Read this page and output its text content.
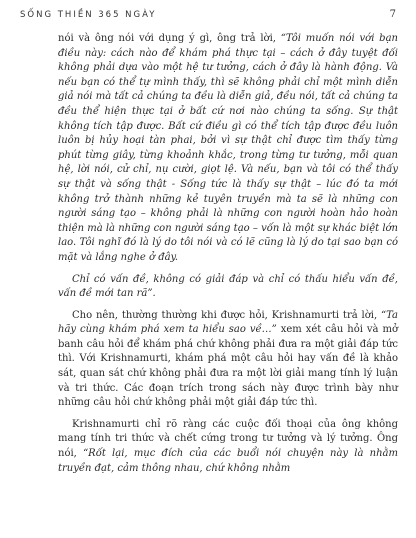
SỐNG THIỀN 365 NGÀY	7

nói và ông nói với dụng ý gì, ông trả lời, “Tôi muốn nói với bạn điều này: cách nào để khám phá thực tại – cách ở đây tuyệt đối không phải dựa vào một hệ tư tưởng, cách ở đây là hành động. Và nếu bạn có thể tự mình thấy, thì sẽ không phải chỉ một mình diễn giả nói mà tất cả chúng ta đều là diễn giả, đều nói, tất cả chúng ta đều thể hiện thực tại ở bất cứ nơi nào chúng ta sống. Sự thật không tích tập được. Bất cứ điều gì có thể tích tập được đều luôn luôn bị hủy hoại tàn phai, bởi vì sự thật chỉ được tìm thấy từng phút từng giây, từng khoảnh khắc, trong từng tư tưởng, mỗi quan hệ, lời nói, cử chỉ, nụ cười, giọt lệ. Và nếu, bạn và tôi có thể thấy sự thật và sống thật - Sống tức là thấy sự thật – lúc đó ta mới không trở thành những kẻ tuyên truyền mà ta sẽ là những con người sáng tạo – không phải là những con người hoàn hảo hoàn thiện mà là những con người sáng tạo – vốn là một sự khác biệt lớn lao. Tôi nghĩ đó là lý do tôi nói và có lẽ cũng là lý do tại sao bạn có mặt và lắng nghe ở đây.

Chỉ có vấn đề, không có giải đáp và chỉ có thấu hiểu vấn đề, vấn đề mới tan rã”.

Cho nên, thường thường khi được hỏi, Krishnamurti trả lời, “Ta hãy cùng khám phá xem ta hiểu sao về…” xem xét câu hỏi và mở banh câu hỏi để khám phá chứ không phải đưa ra một giải đáp tức thì. Với Krishnamurti, khám phá một câu hỏi hay vấn đề là khảo sát, quan sát chứ không phải đưa ra một lời giải mang tính lý luận và tri thức. Các đoạn trích trong sách này được trình bày như những câu hỏi chứ không phải một giải đáp tức thì.

Krishnamurti chỉ rõ ràng các cuộc đối thoại của ông không mang tính tri thức và chết cứng trong tư tưởng và lý tưởng. Ông nói, “Rốt lại, mục đích của các buổi nói chuyện này là nhằm truyền đạt, cảm thông nhau, chứ không nhằm
